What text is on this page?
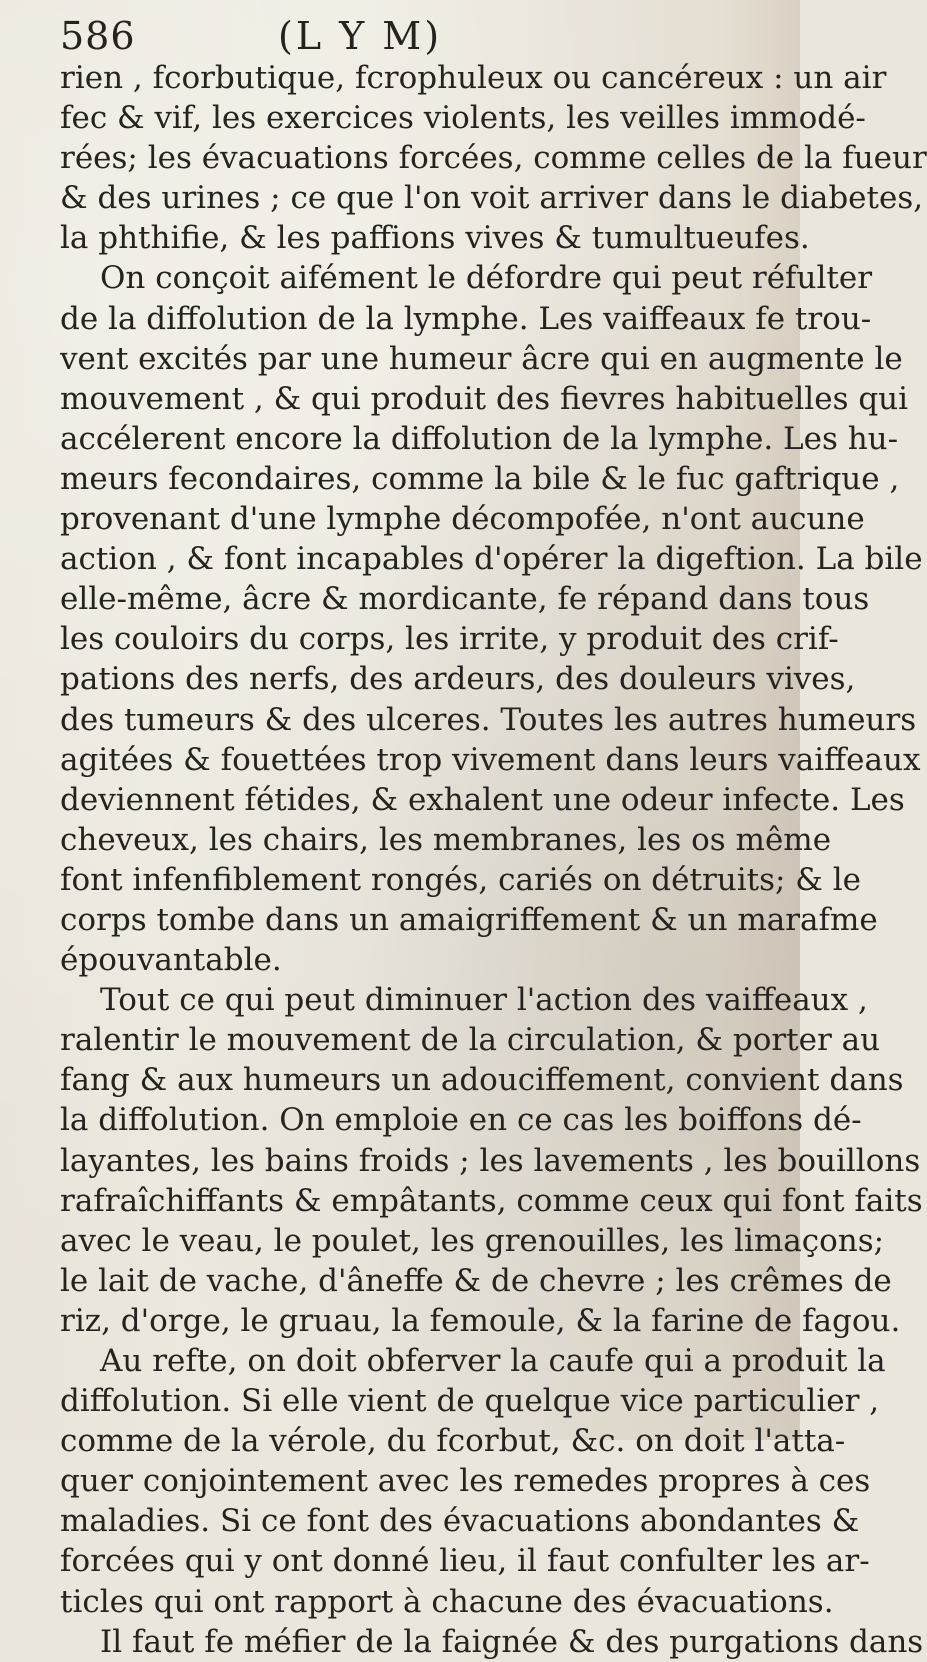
586	(L Y M)
rien , fcorbutique, fcrophuleux ou cancéreux : un air
fec & vif, les exercices violents, les veilles immodé-
rées; les évacuations forcées, comme celles de la fueur
& des urines ; ce que l'on voit arriver dans le diabetes,
la phthifie, & les paffions vives & tumultueufes.
On conçoit aifément le défordre qui peut réfulter
de la diffolution de la lymphe. Les vaiffeaux fe trou-
vent excités par une humeur âcre qui en augmente le
mouvement , & qui produit des fievres habituelles qui
accélerent encore la diffolution de la lymphe. Les hu-
meurs fecondaires, comme la bile & le fuc gaftrique ,
provenant d'une lymphe décompofée, n'ont aucune
action , & font incapables d'opérer la digeftion. La bile
elle-même, âcre & mordicante, fe répand dans tous
les couloirs du corps, les irrite, y produit des crif-
pations des nerfs, des ardeurs, des douleurs vives,
des tumeurs & des ulceres. Toutes les autres humeurs
agitées & fouettées trop vivement dans leurs vaiffeaux
deviennent fétides, & exhalent une odeur infecte. Les
cheveux, les chairs, les membranes, les os même
font infenfiblement rongés, cariés on détruits; & le
corps tombe dans un amaigriffement & un marafme
épouvantable.
Tout ce qui peut diminuer l'action des vaiffeaux ,
ralentir le mouvement de la circulation, & porter au
fang & aux humeurs un adouciffement, convient dans
la diffolution. On emploie en ce cas les boiffons dé-
layantes, les bains froids ; les lavements , les bouillons
rafraîchiffants & empâtants, comme ceux qui font faits
avec le veau, le poulet, les grenouilles, les limaçons;
le lait de vache, d'âneffe & de chevre ; les crêmes de
riz, d'orge, le gruau, la femoule, & la farine de fagou.
Au refte, on doit obferver la caufe qui a produit la
diffolution. Si elle vient de quelque vice particulier ,
comme de la vérole, du fcorbut, &c. on doit l'atta-
quer conjointement avec les remedes propres à ces
maladies. Si ce font des évacuations abondantes &
forcées qui y ont donné lieu, il faut confulter les ar-
ticles qui ont rapport à chacune des évacuations.
Il faut fe méfier de la faignée & des purgations dans
